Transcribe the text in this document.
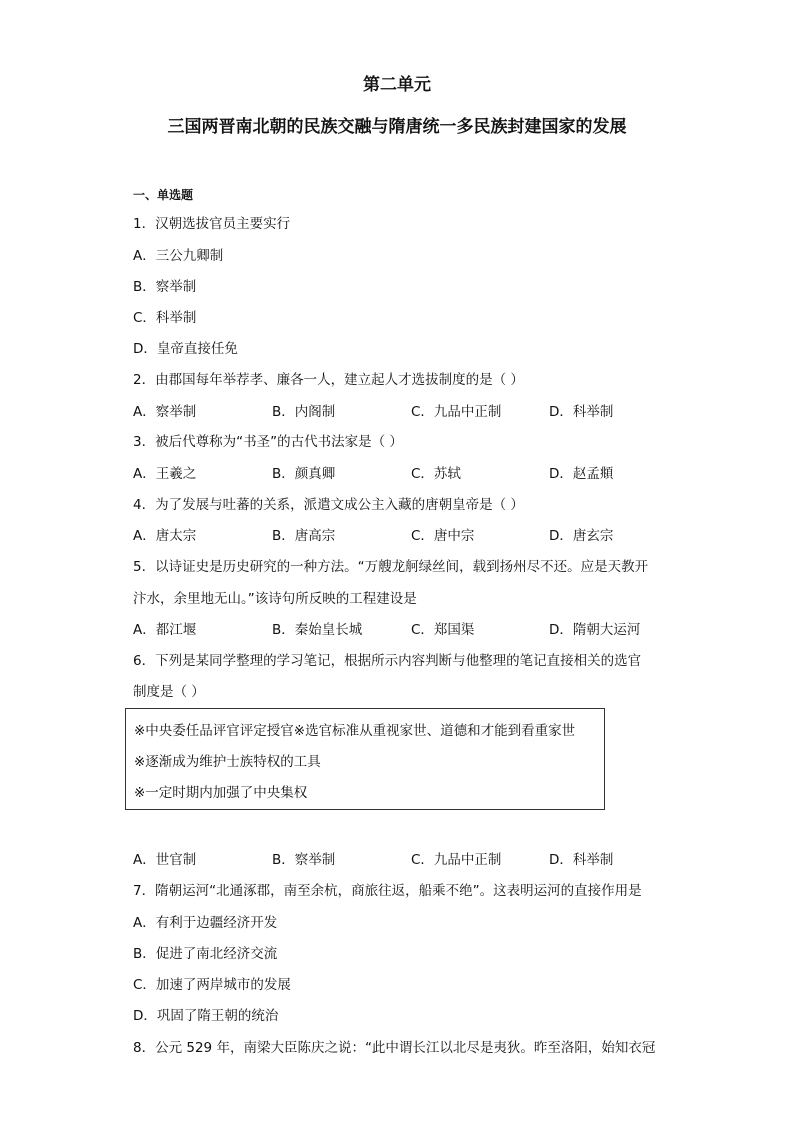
第二单元
三国两晋南北朝的民族交融与隋唐统一多民族封建国家的发展
一、单选题
1．汉朝选拔官员主要实行
A．三公九卿制
B．察举制
C．科举制
D．皇帝直接任免
2．由郡国每年举荐孝、廉各一人，建立起人才选拔制度的是（ ）
A．察举制	B．内阁制	C．九品中正制	D．科举制
3．被后代尊称为“书圣”的古代书法家是（ ）
A．王羲之	B．颜真卿	C．苏轼	D．赵孟頫
4．为了发展与吐蕃的关系，派遣文成公主入藏的唐朝皇帝是（ ）
A．唐太宗	B．唐高宗	C．唐中宗	D．唐玄宗
5．以诗证史是历史研究的一种方法。“万艘龙舸绿丝间，载到扬州尽不还。应是天教开
汴水，余里地无山。”该诗句所反映的工程建设是
A．都江堰	B．秦始皇长城	C．郑国渠	D．隋朝大运河
6．下列是某同学整理的学习笔记，根据所示内容判断与他整理的笔记直接相关的选官
制度是（ ）
※中央委任品评官评定授官※选官标准从重视家世、道德和才能到看重家世
※逐渐成为维护士族特权的工具
※一定时期内加强了中央集权
A．世官制	B．察举制	C．九品中正制	D．科举制
7．隋朝运河“北通涿郡，南至余杭，商旅往返，船乘不绝”。这表明运河的直接作用是
A．有利于边疆经济开发
B．促进了南北经济交流
C．加速了两岸城市的发展
D．巩固了隋王朝的统治
8．公元 529 年，南梁大臣陈庆之说：“此中谓长江以北尽是夷狄。昨至洛阳，始知衣冠
